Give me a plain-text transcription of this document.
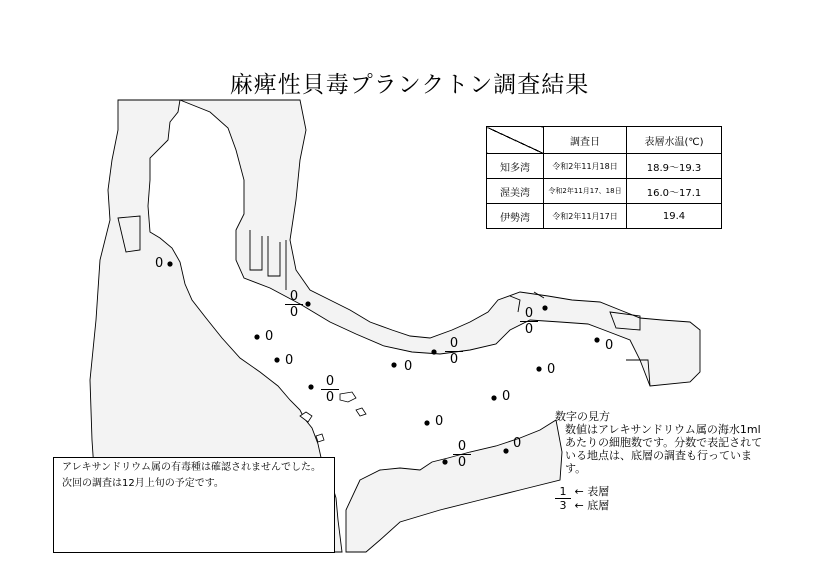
麻痺性貝毒プランクトン調査結果
	調査日	表層水温(℃)
知多湾	令和2年11月18日	18.9～19.3
渥美湾	令和2年11月17、18日	16.0～17.1
伊勢湾	令和2年11月17日	19.4
0
$\frac{0}{0}$
0
0
$\frac{0}{0}$
0
$\frac{0}{0}$
$\frac{0}{0}$
0
0
0
0
$\frac{0}{0}$	0
数字の見方
数値はアレキサンドリウム属の海水1mlあたりの細胞数です。分数で表記されている地点は、底層の調査も行っています。
1 ← 表層
3 ← 底層
アレキサンドリウム属の有毒種は確認されませんでした。
次回の調査は12月上旬の予定です。
